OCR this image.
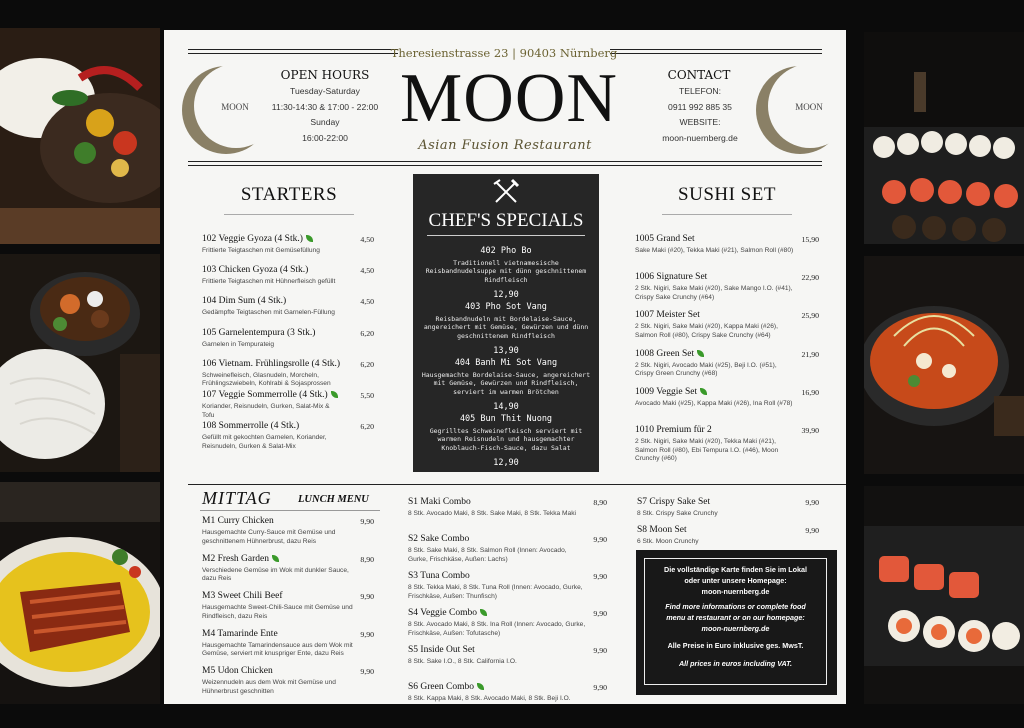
Theresienstrasse 23 | 90403 Nürnberg
MOON	MOON
OPEN HOURS
Tuesday-Saturday
11:30-14:30 & 17:00 - 22:00
Sunday
16:00-22:00
MOON
Asian Fusion Restaurant
CONTACT
TELEFON:
0911 992 885 35
WEBSITE:
moon-nuernberg.de
STARTERS
102 Veggie Gyoza (4 Stk.)	4,50
Frittierte Teigtaschen mit Gemüsefüllung
103 Chicken Gyoza (4 Stk.)	4,50
Frittierte Teigtaschen mit Hühnerfleisch gefüllt
104 Dim Sum (4 Stk.)	4,50
Gedämpfte Teigtaschen mit Garnelen-Füllung
105 Garnelentempura (3 Stk.)	6,20
Garnelen in Tempurateig
106 Vietnam. Frühlingsrolle (4 Stk.)	6,20
Schweinefleisch, Glasnudeln, Morcheln, Frühlingszwiebeln, Kohlrabi & Sojasprossen
107 Veggie Sommerrolle (4 Stk.)	5,50
Koriander, Reisnudeln, Gurken, Salat-Mix & Tofu
108 Sommerrolle (4 Stk.)	6,20
Gefüllt mit gekochten Garnelen, Koriander, Reisnudeln, Gurken & Salat-Mix
CHEF'S SPECIALS
402 Pho Bo
Traditionell vietnamesische Reisbandnudelsuppe mit dünn geschnittenem Rindfleisch
12,90
403 Pho Sot Vang
Reisbandnudeln mit Bordelaise-Sauce, angereichert mit Gemüse, Gewürzen und dünn geschnittenem Rindfleisch
13,90
404 Banh Mi Sot Vang
Hausgemachte Bordelaise-Sauce, angereichert mit Gemüse, Gewürzen und Rindfleisch, serviert im warmen Brötchen
14,90
405 Bun Thit Nuong
Gegrilltes Schweinefleisch serviert mit warmen Reisnudeln und hausgemachter Knoblauch-Fisch-Sauce, dazu Salat
12,90
SUSHI SET
1005 Grand Set	15,90
Sake Maki (#20), Tekka Maki (#21), Salmon Roll (#80)
1006 Signature Set	22,90
2 Stk. Nigiri, Sake Maki (#20), Sake Mango I.O. (#41), Crispy Sake Crunchy (#64)
1007 Meister Set	25,90
2 Stk. Nigiri, Sake Maki (#20), Kappa Maki (#26), Salmon Roll (#80), Crispy Sake Crunchy (#64)
1008 Green Set	21,90
2 Stk. Nigiri, Avocado Maki (#25), Beji I.O. (#51), Crispy Green Crunchy (#68)
1009 Veggie Set	16,90
Avocado Maki (#25), Kappa Maki (#26), Ina Roll (#78)
1010 Premium für 2	39,90
2 Stk. Nigiri, Sake Maki (#20), Tekka Maki (#21), Salmon Roll (#80), Ebi Tempura I.O. (#46), Moon Crunchy (#60)
MITTAG	LUNCH MENU
M1 Curry Chicken	9,90
Hausgemachte Curry-Sauce mit Gemüse und geschnittenem Hühnerbrust, dazu Reis
M2 Fresh Garden	8,90
Verschiedene Gemüse im Wok mit dunkler Sauce, dazu Reis
M3 Sweet Chili Beef	9,90
Hausgemachte Sweet-Chili-Sauce mit Gemüse und Rindfleisch, dazu Reis
M4 Tamarinde Ente	9,90
Hausgemachte Tamarindensauce aus dem Wok mit Gemüse, serviert mit knuspriger Ente, dazu Reis
M5 Udon Chicken	9,90
Weizennudeln aus dem Wok mit Gemüse und Hühnerbrust geschnitten
S1 Maki Combo	8,90
8 Stk. Avocado Maki, 8 Stk. Sake Maki, 8 Stk. Tekka Maki
S2 Sake Combo	9,90
8 Stk. Sake Maki, 8 Stk. Salmon Roll (Innen: Avocado, Gurke, Frischkäse, Außen: Lachs)
S3 Tuna Combo	9,90
8 Stk. Tekka Maki, 8 Stk. Tuna Roll (Innen: Avocado, Gurke, Frischkäse, Außen: Thunfisch)
S4 Veggie Combo	9,90
8 Stk. Avocado Maki, 8 Stk. Ina Roll (Innen: Avocado, Gurke, Frischkäse, Außen: Tofutasche)
S5 Inside Out Set	9,90
8 Stk. Sake I.O., 8 Stk. California I.O.
S6 Green Combo	9,90
8 Stk. Kappa Maki, 8 Stk. Avocado Maki, 8 Stk. Beji I.O.
S7 Crispy Sake Set	9,90
8 Stk. Crispy Sake Crunchy
S8 Moon Set	9,90
6 Stk. Moon Crunchy
Die vollständige Karte finden Sie im Lokal
oder unter unsere Homepage:
moon-nuernberg.de
Find more informations or complete food
menu at restaurant or on our homepage:
moon-nuernberg.de
Alle Preise in Euro inklusive ges. MwsT.
All prices in euros including VAT.
